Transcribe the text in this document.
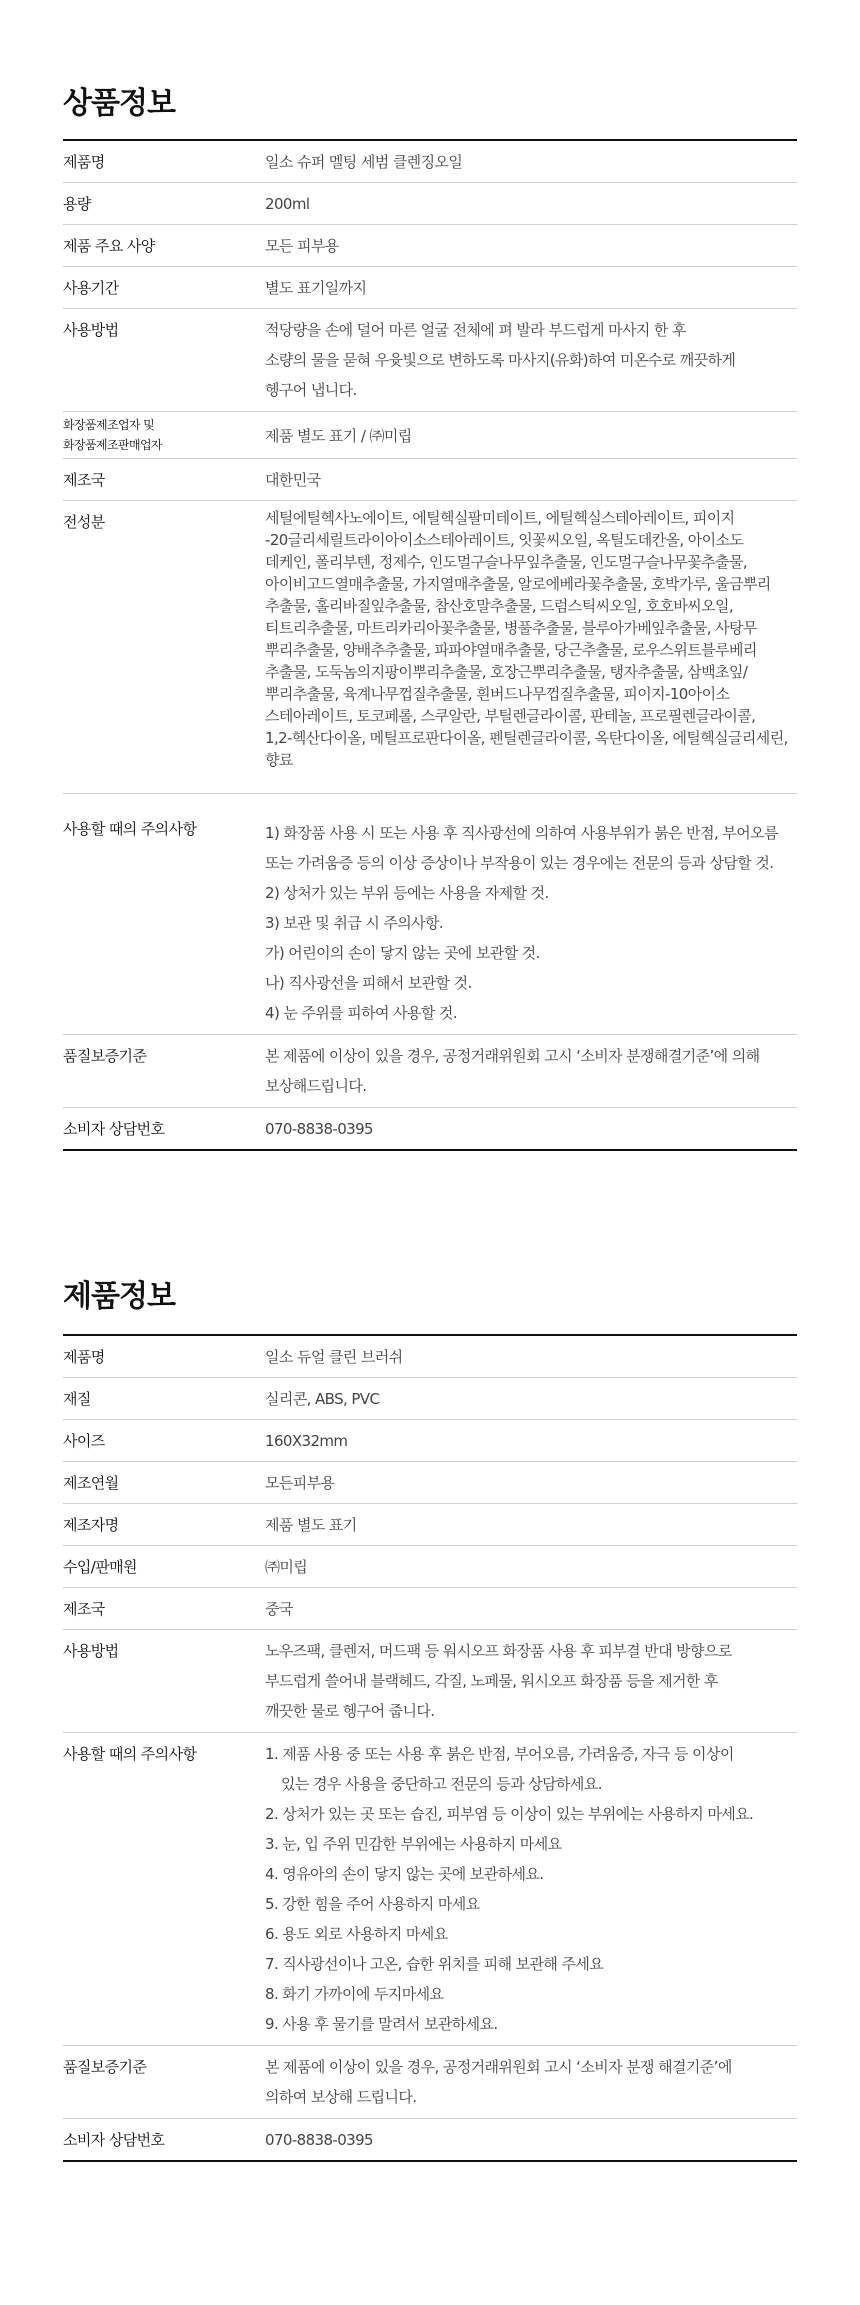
상품정보
제품명	일소 슈퍼 멜팅 세범 클렌징오일
용량	200ml
제품 주요 사양	모든 피부용
사용기간	별도 표기일까지
사용방법	적당량을 손에 덜어 마른 얼굴 전체에 펴 발라 부드럽게 마사지 한 후
소량의 물을 묻혀 우윳빛으로 변하도록 마사지(유화)하여 미온수로 깨끗하게
헹구어 냅니다.

화장품제조업자 및
화장품제조판매업자	제품 별도 표기 / ㈜미립
제조국	대한민국
전성분	세틸에틸헥사노에이트, 에틸헥실팔미테이트, 에틸헥실스테아레이트, 피이지
-20글리세릴트라이아이소스테아레이트, 잇꽃씨오일, 옥틸도데칸올, 아이소도
데케인, 폴리부텐, 정제수, 인도멀구슬나무잎추출물, 인도멀구슬나무꽃추출물,
아이비고드열매추출물, 가지열매추출물, 알로에베라꽃추출물, 호박가루, 울금뿌리
추출물, 홀리바질잎추출물, 참산호말추출물, 드럼스틱씨오일, 호호바씨오일,
티트리추출물, 마트리카리아꽃추출물, 병풀추출물, 블루아가베잎추출물, 사탕무
뿌리추출물, 양배추추출물, 파파야열매추출물, 당근추출물, 로우스위트블루베리
추출물, 도둑놈의지팡이뿌리추출물, 호장근뿌리추출물, 탱자추출물, 삼백초잎/
뿌리추출물, 육계나무껍질추출물, 흰버드나무껍질추출물, 피이지-10아이소
스테아레이트, 토코페롤, 스쿠알란, 부틸렌글라이콜, 판테놀, 프로필렌글라이콜,
1,2-헥산다이올, 메틸프로판다이올, 펜틸렌글라이콜, 옥탄다이올, 에틸헥실글리세린,
향료

사용할 때의 주의사항	1) 화장품 사용 시 또는 사용 후 직사광선에 의하여 사용부위가 붉은 반점, 부어오름
또는 가려움증 등의 이상 증상이나 부작용이 있는 경우에는 전문의 등과 상담할 것.
2) 상처가 있는 부위 등에는 사용을 자제할 것.
3) 보관 및 취급 시 주의사항.
가) 어린이의 손이 닿지 않는 곳에 보관할 것.
나) 직사광선을 피해서 보관할 것.
4) 눈 주위를 피하여 사용할 것.

품질보증기준	본 제품에 이상이 있을 경우, 공정거래위원회 고시 ‘소비자 분쟁해결기준’에 의해
보상해드립니다.

소비자 상담번호	070-8838-0395
제품정보
제품명	일소 듀얼 클린 브러쉬
재질	실리콘, ABS, PVC
사이즈	160X32mm
제조연월	모든피부용
제조자명	제품 별도 표기
수입/판매원	㈜미립
제조국	중국
사용방법	노우즈팩, 클렌저, 머드팩 등 워시오프 화장품 사용 후 피부결 반대 방향으로
부드럽게 쓸어내 블랙헤드, 각질, 노페물, 워시오프 화장품 등을 제거한 후
깨끗한 물로 헹구어 줍니다.

사용할 때의 주의사항	1. 제품 사용 중 또는 사용 후 붉은 반점, 부어오름, 가려움증, 자극 등 이상이
있는 경우 사용을 중단하고 전문의 등과 상담하세요.
2. 상처가 있는 곳 또는 습진, 피부염 등 이상이 있는 부위에는 사용하지 마세요.
3. 눈, 입 주위 민감한 부위에는 사용하지 마세요
4. 영유아의 손이 닿지 않는 곳에 보관하세요.
5. 강한 힘을 주어 사용하지 마세요
6. 용도 외로 사용하지 마세요
7. 직사광선이나 고온, 습한 위치를 피해 보관해 주세요
8. 화기 가까이에 두지마세요
9. 사용 후 물기를 말려서 보관하세요.

품질보증기준	본 제품에 이상이 있을 경우, 공정거래위원회 고시 ‘소비자 분쟁 해결기준’에
의하여 보상해 드립니다.

소비자 상담번호	070-8838-0395
